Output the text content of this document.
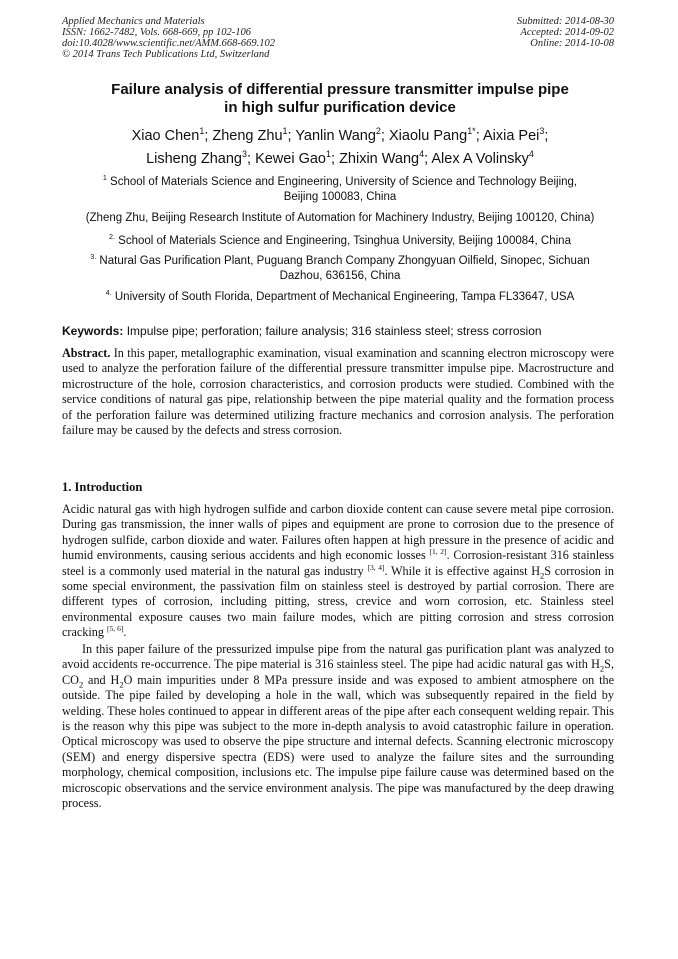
Applied Mechanics and Materials
ISSN: 1662-7482, Vols. 668-669, pp 102-106
doi:10.4028/www.scientific.net/AMM.668-669.102
© 2014 Trans Tech Publications Ltd, Switzerland
Submitted: 2014-08-30
Accepted: 2014-09-02
Online: 2014-10-08
Failure analysis of differential pressure transmitter impulse pipe
in high sulfur purification device
Xiao Chen$^1$; Zheng Zhu$^1$; Yanlin Wang$^2$; Xiaolu Pang$^{1*}$; Aixia Pei$^3$;
Lisheng Zhang$^3$; Kewei Gao$^1$; Zhixin Wang$^4$; Alex A Volinsky$^4$
$^1$ School of Materials Science and Engineering, University of Science and Technology Beijing,
Beijing 100083, China
(Zheng Zhu, Beijing Research Institute of Automation for Machinery Industry, Beijing 100120, China)
$^{2.}$ School of Materials Science and Engineering, Tsinghua University, Beijing 100084, China
$^{3.}$ Natural Gas Purification Plant, Puguang Branch Company Zhongyuan Oilfield, Sinopec, Sichuan
Dazhou, 636156, China
$^{4.}$ University of South Florida, Department of Mechanical Engineering, Tampa FL33647, USA
Keywords: Impulse pipe; perforation; failure analysis; 316 stainless steel; stress corrosion
Abstract. In this paper, metallographic examination, visual examination and scanning electron microscopy were used to analyze the perforation failure of the differential pressure transmitter impulse pipe. Macrostructure and microstructure of the hole, corrosion characteristics, and corrosion products were studied. Combined with the service conditions of natural gas pipe, relationship between the pipe material quality and the formation process of the perforation failure was determined utilizing fracture mechanics and corrosion analysis. The perforation failure may be caused by the defects and stress corrosion.
1. Introduction
Acidic natural gas with high hydrogen sulfide and carbon dioxide content can cause severe metal pipe corrosion. During gas transmission, the inner walls of pipes and equipment are prone to corrosion due to the presence of hydrogen sulfide, carbon dioxide and water. Failures often happen at high pressure in the presence of acidic and humid environments, causing serious accidents and high economic losses [1, 2]. Corrosion-resistant 316 stainless steel is a commonly used material in the natural gas industry [3, 4]. While it is effective against $H_2S$ corrosion in some special environment, the passivation film on stainless steel is destroyed by partial corrosion. There are different types of corrosion, including pitting, stress, crevice and worn corrosion, etc. Stainless steel environmental exposure causes two main failure modes, which are pitting corrosion and stress corrosion cracking [5, 6].
In this paper failure of the pressurized impulse pipe from the natural gas purification plant was analyzed to avoid accidents re-occurrence. The pipe material is 316 stainless steel. The pipe had acidic natural gas with $H_2S$, $CO_2$ and $H_2O$ main impurities under 8 MPa pressure inside and was exposed to ambient atmosphere on the outside. The pipe failed by developing a hole in the wall, which was subsequently repaired in the field by welding. These holes continued to appear in different areas of the pipe after each consequent welding repair. This is the reason why this pipe was subject to the more in-depth analysis to avoid catastrophic failure in operation. Optical microscopy was used to observe the pipe structure and internal defects. Scanning electronic microscopy (SEM) and energy dispersive spectra (EDS) were used to analyze the failure sites and the surrounding morphology, chemical composition, inclusions etc. The impulse pipe failure cause was determined based on the microscopic observations and the service environment analysis. The pipe was manufactured by the deep drawing process.
